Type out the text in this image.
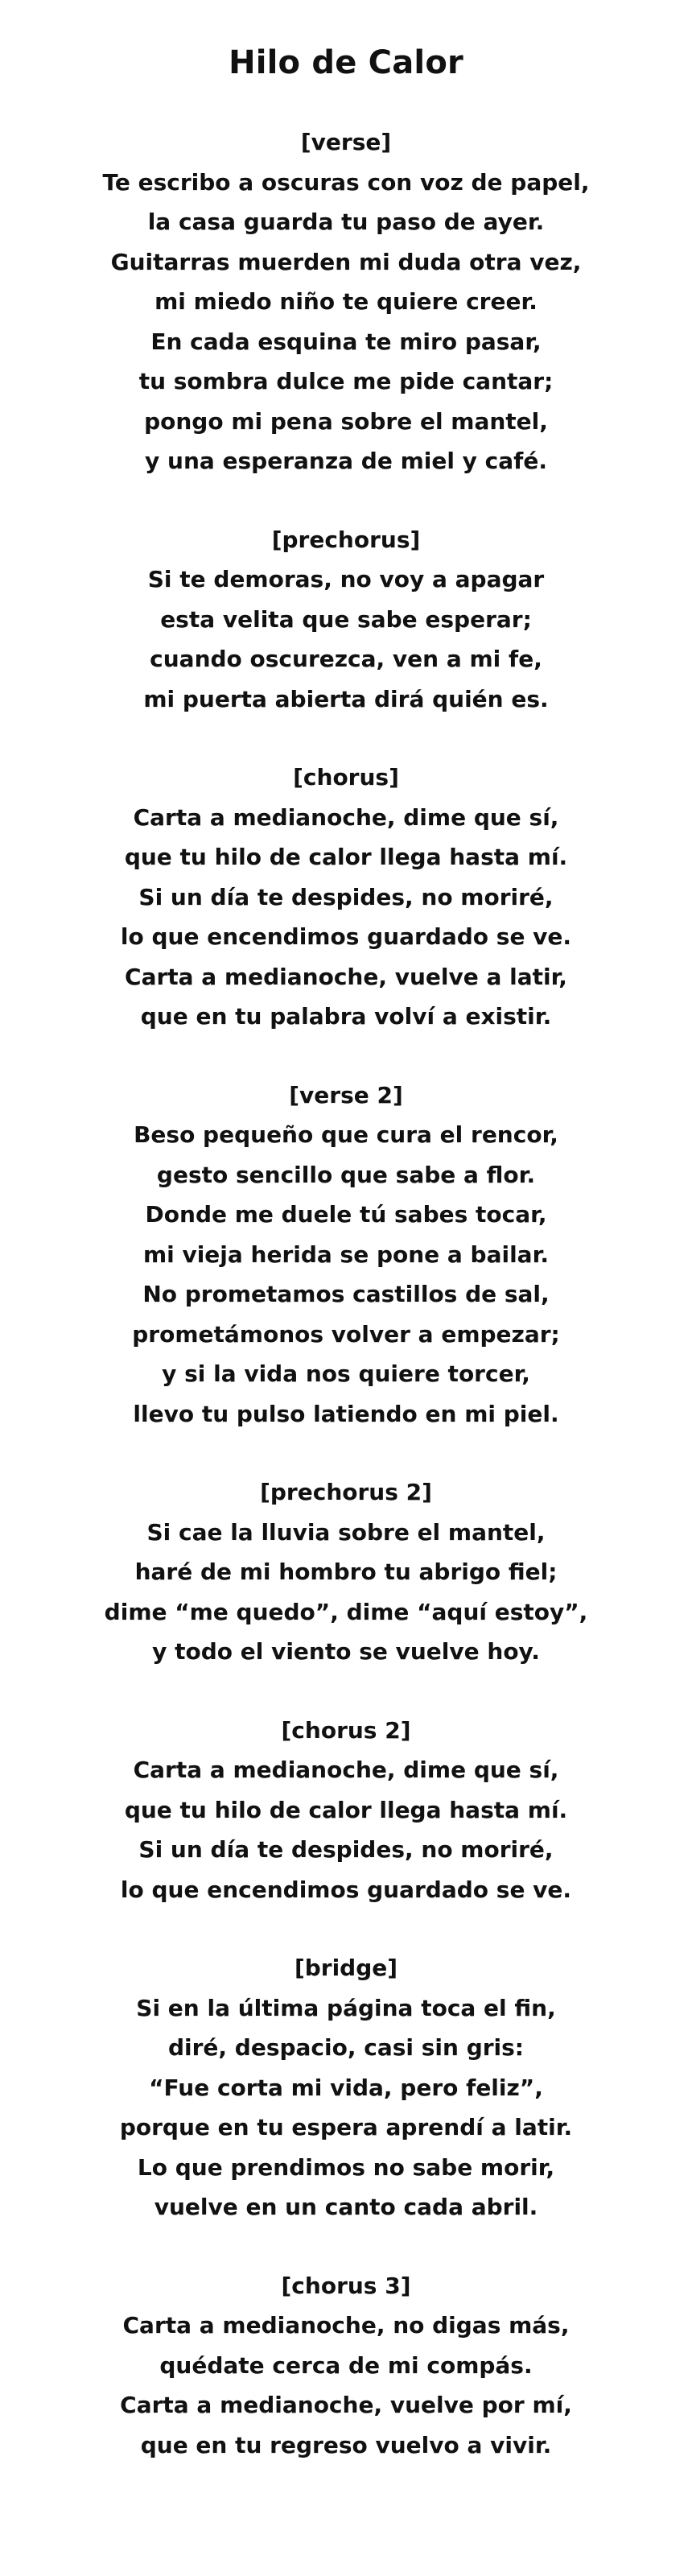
Hilo de Calor
[verse]
Te escribo a oscuras con voz de papel,
la casa guarda tu paso de ayer.
Guitarras muerden mi duda otra vez,
mi miedo niño te quiere creer.
En cada esquina te miro pasar,
tu sombra dulce me pide cantar;
pongo mi pena sobre el mantel,
y una esperanza de miel y café.
[prechorus]
Si te demoras, no voy a apagar
esta velita que sabe esperar;
cuando oscurezca, ven a mi fe,
mi puerta abierta dirá quién es.
[chorus]
Carta a medianoche, dime que sí,
que tu hilo de calor llega hasta mí.
Si un día te despides, no moriré,
lo que encendimos guardado se ve.
Carta a medianoche, vuelve a latir,
que en tu palabra volví a existir.
[verse 2]
Beso pequeño que cura el rencor,
gesto sencillo que sabe a flor.
Donde me duele tú sabes tocar,
mi vieja herida se pone a bailar.
No prometamos castillos de sal,
prometámonos volver a empezar;
y si la vida nos quiere torcer,
llevo tu pulso latiendo en mi piel.
[prechorus 2]
Si cae la lluvia sobre el mantel,
haré de mi hombro tu abrigo fiel;
dime “me quedo”, dime “aquí estoy”,
y todo el viento se vuelve hoy.
[chorus 2]
Carta a medianoche, dime que sí,
que tu hilo de calor llega hasta mí.
Si un día te despides, no moriré,
lo que encendimos guardado se ve.
[bridge]
Si en la última página toca el fin,
diré, despacio, casi sin gris:
“Fue corta mi vida, pero feliz”,
porque en tu espera aprendí a latir.
Lo que prendimos no sabe morir,
vuelve en un canto cada abril.
[chorus 3]
Carta a medianoche, no digas más,
quédate cerca de mi compás.
Carta a medianoche, vuelve por mí,
que en tu regreso vuelvo a vivir.
